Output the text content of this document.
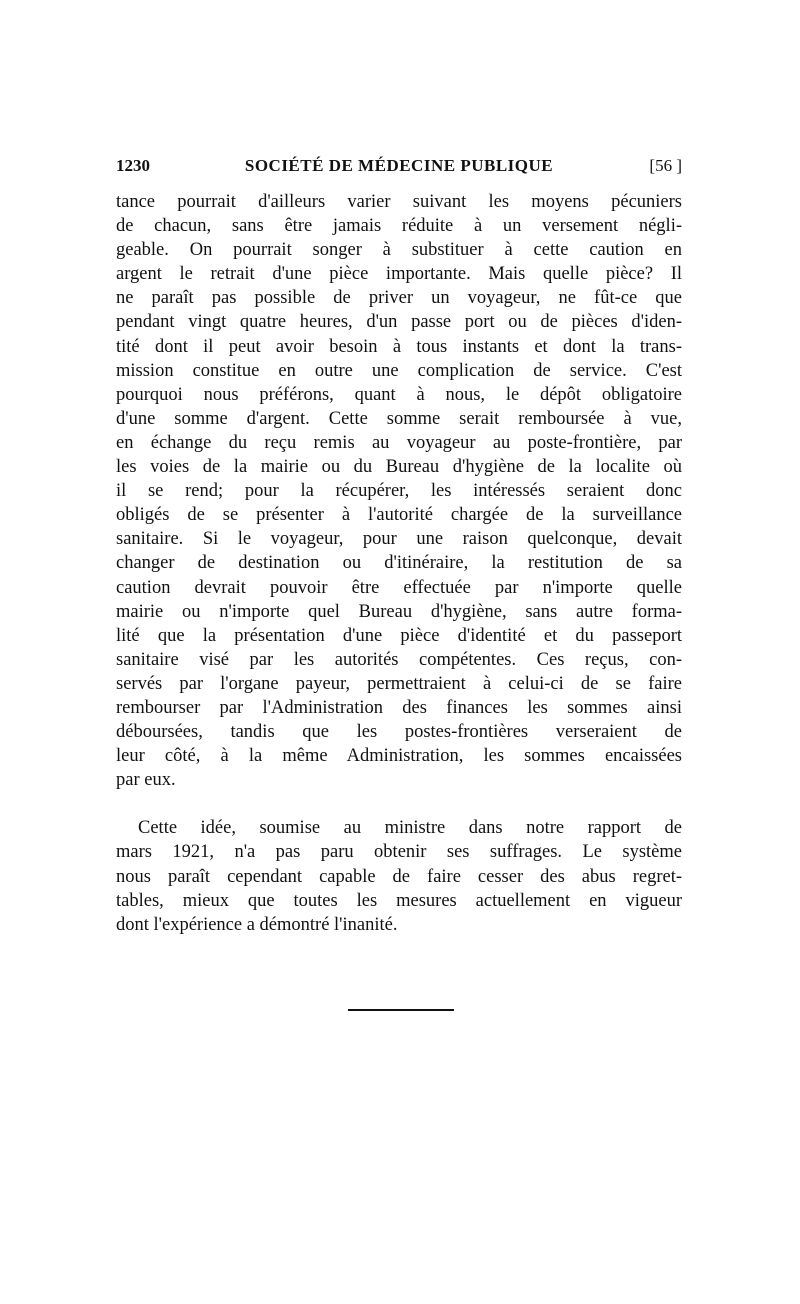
1230	SOCIÉTÉ DE MÉDECINE PUBLIQUE	[56 ]
tance pourrait d'ailleurs varier suivant les moyens pécuniers
de chacun, sans être jamais réduite à un versement négli-
geable. On pourrait songer à substituer à cette caution en
argent le retrait d'une pièce importante. Mais quelle pièce? Il
ne paraît pas possible de priver un voyageur, ne fût-ce que
pendant vingt quatre heures, d'un passe port ou de pièces d'iden-
tité dont il peut avoir besoin à tous instants et dont la trans-
mission constitue en outre une complication de service. C'est
pourquoi nous préférons, quant à nous, le dépôt obligatoire
d'une somme d'argent. Cette somme serait remboursée à vue,
en échange du reçu remis au voyageur au poste-frontière, par
les voies de la mairie ou du Bureau d'hygiène de la localite où
il se rend; pour la récupérer, les intéressés seraient donc
obligés de se présenter à l'autorité chargée de la surveillance
sanitaire. Si le voyageur, pour une raison quelconque, devait
changer de destination ou d'itinéraire, la restitution de sa
caution devrait pouvoir être effectuée par n'importe quelle
mairie ou n'importe quel Bureau d'hygiène, sans autre forma-
lité que la présentation d'une pièce d'identité et du passeport
sanitaire visé par les autorités compétentes. Ces reçus, con-
servés par l'organe payeur, permettraient à celui-ci de se faire
rembourser par l'Administration des finances les sommes ainsi
déboursées, tandis que les postes-frontières verseraient de
leur côté, à la même Administration, les sommes encaissées
par eux.
Cette idée, soumise au ministre dans notre rapport de
mars 1921, n'a pas paru obtenir ses suffrages. Le système
nous paraît cependant capable de faire cesser des abus regret-
tables, mieux que toutes les mesures actuellement en vigueur
dont l'expérience a démontré l'inanité.
